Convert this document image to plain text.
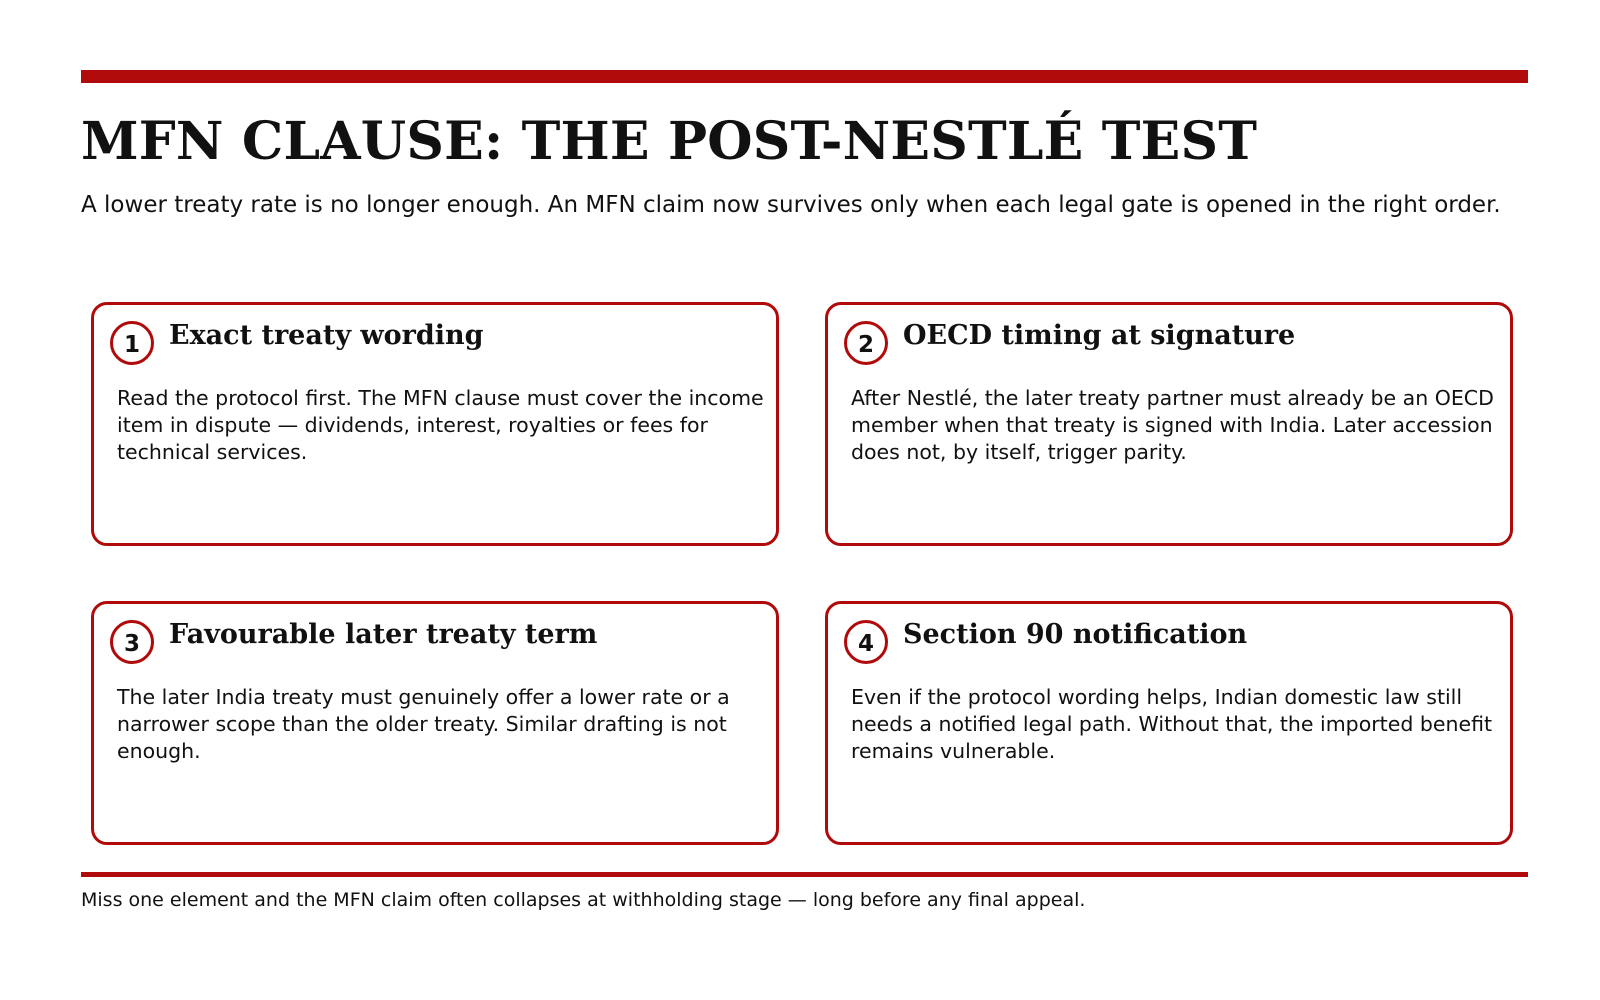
MFN CLAUSE: THE POST-NESTLÉ TEST

A lower treaty rate is no longer enough. An MFN claim now survives only when each legal gate is opened in the right order.

1	Exact treaty wording

Read the protocol first. The MFN clause must cover the income item in dispute — dividends, interest, royalties or fees for technical services.

2	OECD timing at signature

After Nestlé, the later treaty partner must already be an OECD member when that treaty is signed with India. Later accession does not, by itself, trigger parity.

3	Favourable later treaty term

The later India treaty must genuinely offer a lower rate or a narrower scope than the older treaty. Similar drafting is not enough.

4	Section 90 notification

Even if the protocol wording helps, Indian domestic law still needs a notified legal path. Without that, the imported benefit remains vulnerable.

Miss one element and the MFN claim often collapses at withholding stage — long before any final appeal.
